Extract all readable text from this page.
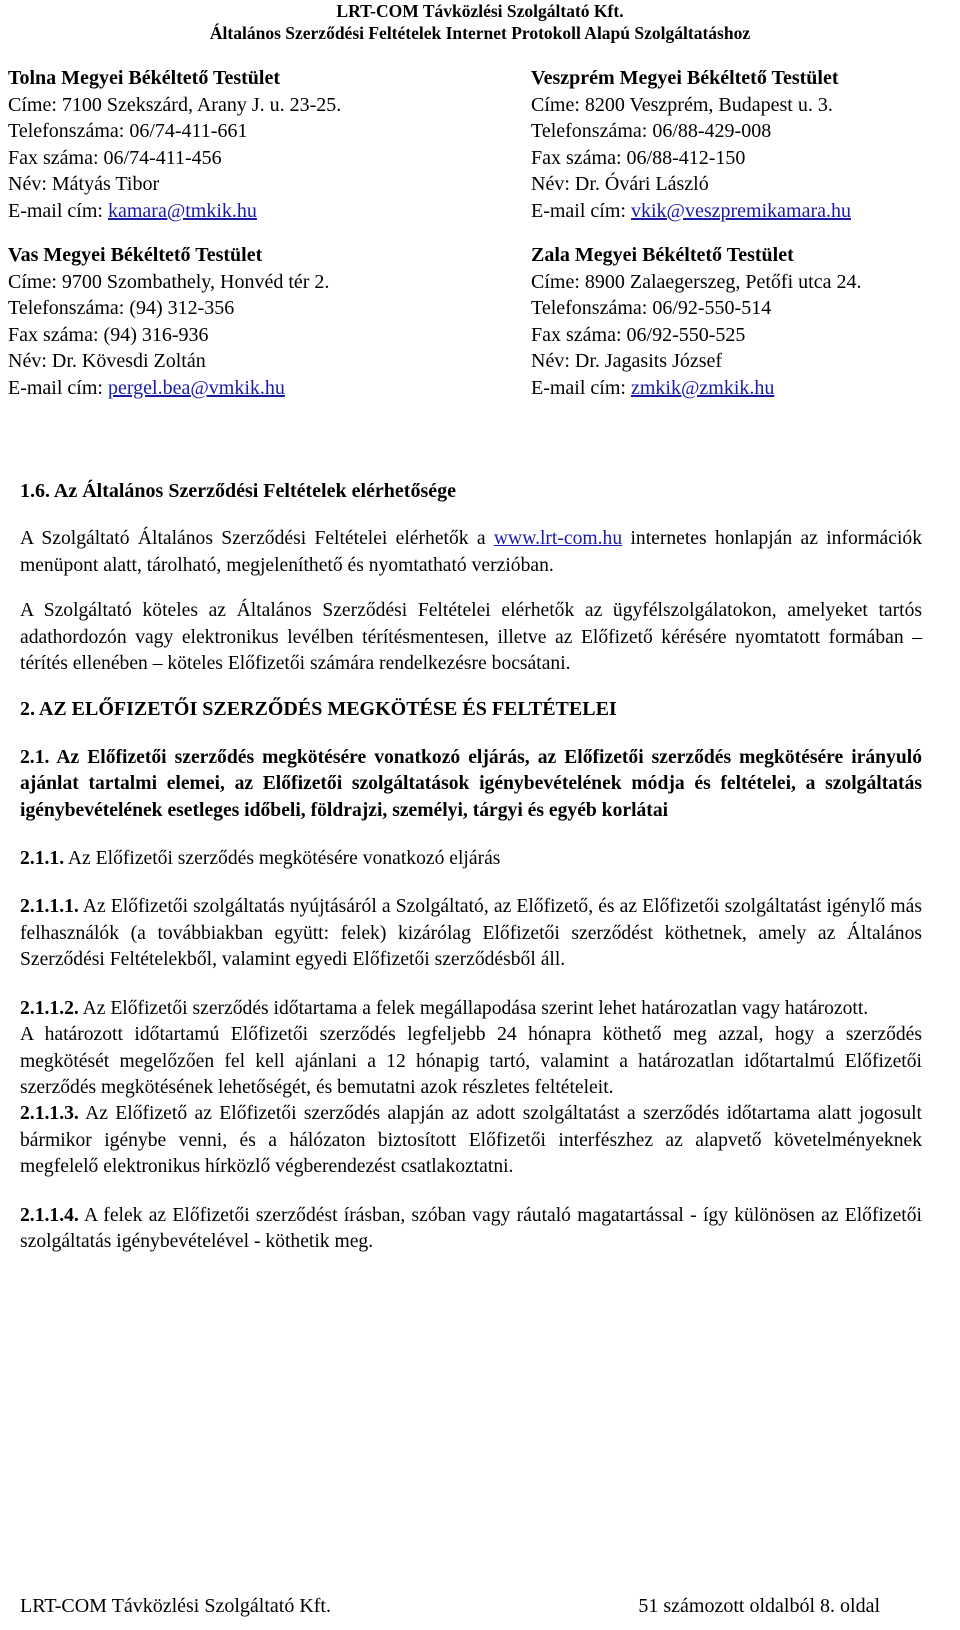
LRT-COM Távközlési Szolgáltató Kft.
Általános Szerződési Feltételek Internet Protokoll Alapú Szolgáltatáshoz
Tolna Megyei Békéltető Testület
Címe: 7100 Szekszárd, Arany J. u. 23-25.
Telefonszáma: 06/74-411-661
Fax száma: 06/74-411-456
Név: Mátyás Tibor
E-mail cím: kamara@tmkik.hu
Veszprém Megyei Békéltető Testület
Címe: 8200 Veszprém, Budapest u. 3.
Telefonszáma: 06/88-429-008
Fax száma: 06/88-412-150
Név: Dr. Óvári László
E-mail cím: vkik@veszpremikamara.hu
Vas Megyei Békéltető Testület
Címe: 9700 Szombathely, Honvéd tér 2.
Telefonszáma: (94) 312-356
Fax száma: (94) 316-936
Név: Dr. Kövesdi Zoltán
E-mail cím: pergel.bea@vmkik.hu
Zala Megyei Békéltető Testület
Címe: 8900 Zalaegerszeg, Petőfi utca 24.
Telefonszáma: 06/92-550-514
Fax száma: 06/92-550-525
Név: Dr. Jagasits József
E-mail cím: zmkik@zmkik.hu
1.6. Az Általános Szerződési Feltételek elérhetősége

A Szolgáltató Általános Szerződési Feltételei elérhetők a www.lrt-com.hu internetes honlapján az információk menüpont alatt, tárolható, megjeleníthető és nyomtatható verzióban.

A Szolgáltató köteles az Általános Szerződési Feltételei elérhetők az ügyfélszolgálatokon, amelyeket tartós adathordozón vagy elektronikus levélben térítésmentesen, illetve az Előfizető kérésére nyomtatott formában – térítés ellenében – köteles Előfizetői számára rendelkezésre bocsátani.

2. AZ ELŐFIZETŐI SZERZŐDÉS MEGKÖTÉSE ÉS FELTÉTELEI

2.1. Az Előfizetői szerződés megkötésére vonatkozó eljárás, az Előfizetői szerződés megkötésére irányuló ajánlat tartalmi elemei, az Előfizetői szolgáltatások igénybevételének módja és feltételei, a szolgáltatás igénybevételének esetleges időbeli, földrajzi, személyi, tárgyi és egyéb korlátai

2.1.1. Az Előfizetői szerződés megkötésére vonatkozó eljárás

2.1.1.1. Az Előfizetői szolgáltatás nyújtásáról a Szolgáltató, az Előfizető, és az Előfizetői szolgáltatást igénylő más felhasználók (a továbbiakban együtt: felek) kizárólag Előfizetői szerződést köthetnek, amely az Általános Szerződési Feltételekből, valamint egyedi Előfizetői szerződésből áll.

2.1.1.2. Az Előfizetői szerződés időtartama a felek megállapodása szerint lehet határozatlan vagy határozott.

A határozott időtartamú Előfizetői szerződés legfeljebb 24 hónapra köthető meg azzal, hogy a szerződés megkötését megelőzően fel kell ajánlani a 12 hónapig tartó, valamint a határozatlan időtartalmú Előfizetői szerződés megkötésének lehetőségét, és bemutatni azok részletes feltételeit.

2.1.1.3. Az Előfizető az Előfizetői szerződés alapján az adott szolgáltatást a szerződés időtartama alatt jogosult bármikor igénybe venni, és a hálózaton biztosított Előfizetői interfészhez az alapvető követelményeknek megfelelő elektronikus hírközlő végberendezést csatlakoztatni.

2.1.1.4. A felek az Előfizetői szerződést írásban, szóban vagy ráutaló magatartással - így különösen az Előfizetői szolgáltatás igénybevételével - köthetik meg.

LRT-COM Távközlési Szolgáltató Kft.	51 számozott oldalból 8. oldal
